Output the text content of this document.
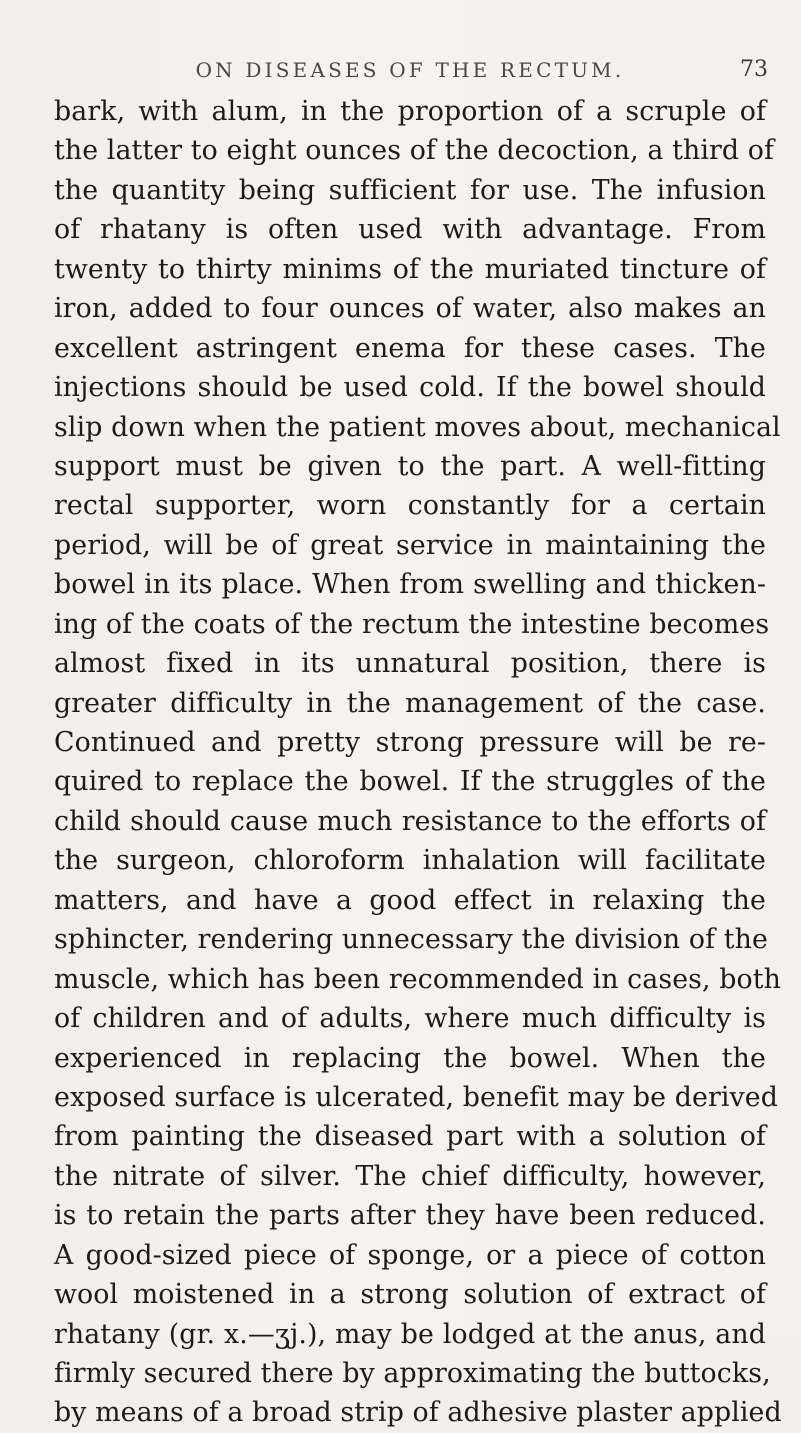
ON DISEASES OF THE RECTUM.	73
bark, with alum, in the proportion of a scruple of
the latter to eight ounces of the decoction, a third of
the quantity being sufficient for use. The infusion
of rhatany is often used with advantage. From
twenty to thirty minims of the muriated tincture of
iron, added to four ounces of water, also makes an
excellent astringent enema for these cases. The
injections should be used cold. If the bowel should
slip down when the patient moves about, mechanical
support must be given to the part. A well-fitting
rectal supporter, worn constantly for a certain
period, will be of great service in maintaining the
bowel in its place. When from swelling and thicken-
ing of the coats of the rectum the intestine becomes
almost fixed in its unnatural position, there is
greater difficulty in the management of the case.
Continued and pretty strong pressure will be re-
quired to replace the bowel. If the struggles of the
child should cause much resistance to the efforts of
the surgeon, chloroform inhalation will facilitate
matters, and have a good effect in relaxing the
sphincter, rendering unnecessary the division of the
muscle, which has been recommended in cases, both
of children and of adults, where much difficulty is
experienced in replacing the bowel. When the
exposed surface is ulcerated, benefit may be derived
from painting the diseased part with a solution of
the nitrate of silver. The chief difficulty, however,
is to retain the parts after they have been reduced.
A good-sized piece of sponge, or a piece of cotton
wool moistened in a strong solution of extract of
rhatany (gr. x.—ʒj.), may be lodged at the anus, and
firmly secured there by approximating the buttocks,
by means of a broad strip of adhesive plaster applied
